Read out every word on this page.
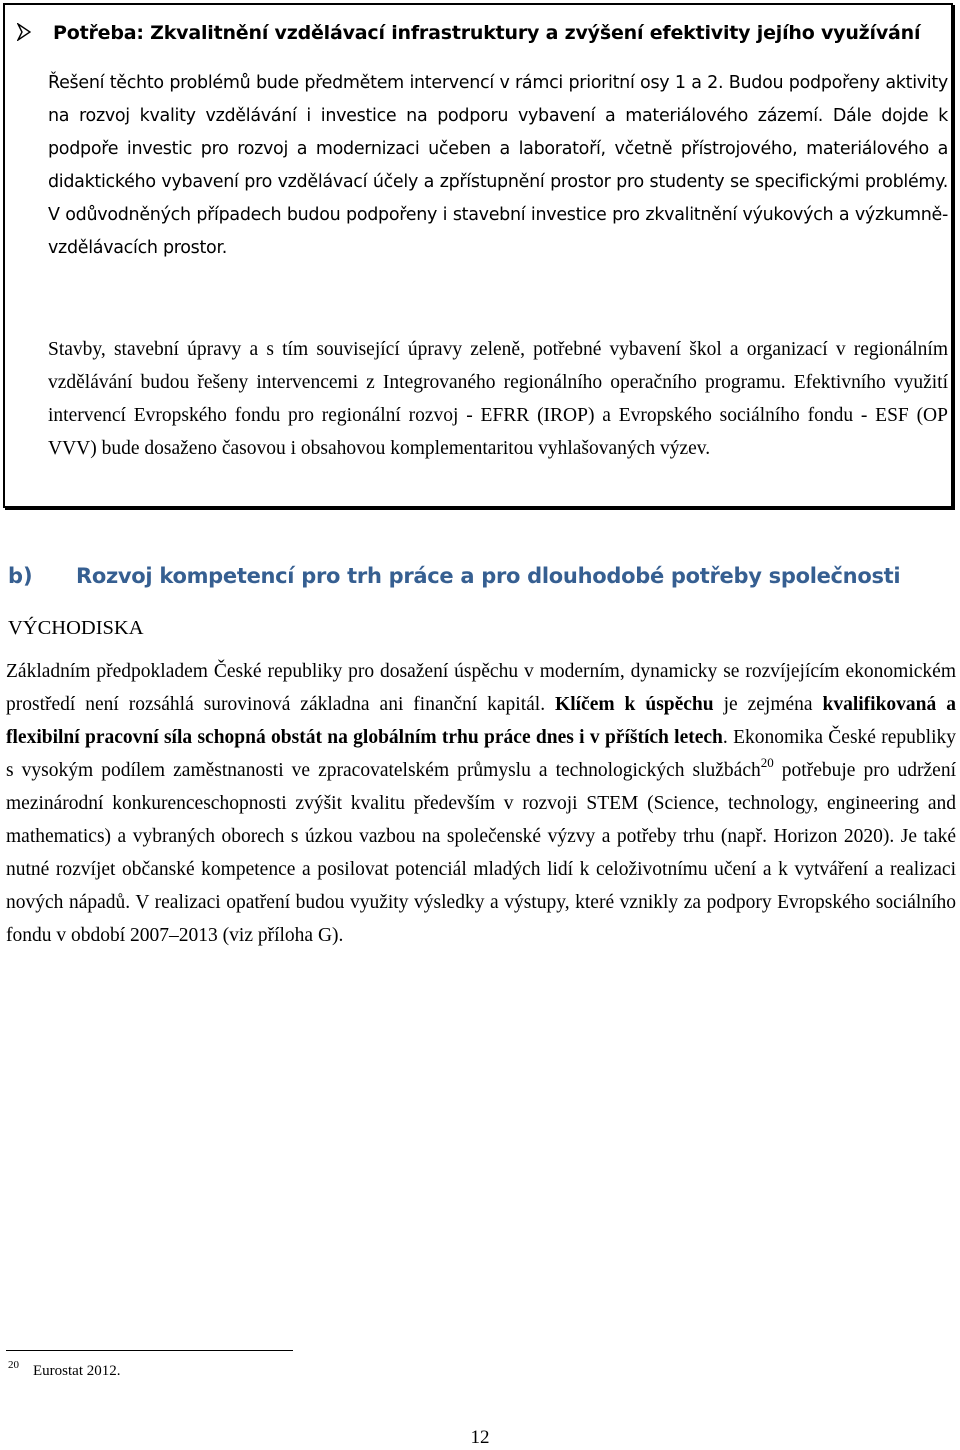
Potřeba: Zkvalitnění vzdělávací infrastruktury a zvýšení efektivity jejího využívání
Řešení těchto problémů bude předmětem intervencí v rámci prioritní osy 1 a 2. Budou podpořeny aktivity na rozvoj kvality vzdělávání i investice na podporu vybavení a materiálového zázemí. Dále dojde k podpoře investic pro rozvoj a modernizaci učeben a laboratoří, včetně přístrojového, materiálového a didaktického vybavení pro vzdělávací účely a zpřístupnění prostor pro studenty se specifickými problémy. V odůvodněných případech budou podpořeny i stavební investice pro zkvalitnění výukových a výzkumně-vzdělávacích prostor.
Stavby, stavební úpravy a s tím související úpravy zeleně, potřebné vybavení škol a organizací v regionálním vzdělávání budou řešeny intervencemi z Integrovaného regionálního operačního programu. Efektivního využití intervencí Evropského fondu pro regionální rozvoj - EFRR (IROP) a Evropského sociálního fondu - ESF (OP VVV) bude dosaženo časovou i obsahovou komplementaritou vyhlašovaných výzev.
b) Rozvoj kompetencí pro trh práce a pro dlouhodobé potřeby společnosti
VÝCHODISKA
Základním předpokladem České republiky pro dosažení úspěchu v moderním, dynamicky se rozvíjejícím ekonomickém prostředí není rozsáhlá surovinová základna ani finanční kapitál. Klíčem k úspěchu je zejména kvalifikovaná a flexibilní pracovní síla schopná obstát na globálním trhu práce dnes i v příštích letech. Ekonomika České republiky s vysokým podílem zaměstnanosti ve zpracovatelském průmyslu a technologických službách$^{20}$ potřebuje pro udržení mezinárodní konkurenceschopnosti zvýšit kvalitu především v rozvoji STEM (Science, technology, engineering and mathematics) a vybraných oborech s úzkou vazbou na společenské výzvy a potřeby trhu (např. Horizon 2020). Je také nutné rozvíjet občanské kompetence a posilovat potenciál mladých lidí k celoživotnímu učení a k vytváření a realizaci nových nápadů. V realizaci opatření budou využity výsledky a výstupy, které vznikly za podpory Evropského sociálního fondu v období 2007–2013 (viz příloha G).
20 Eurostat 2012.
12
